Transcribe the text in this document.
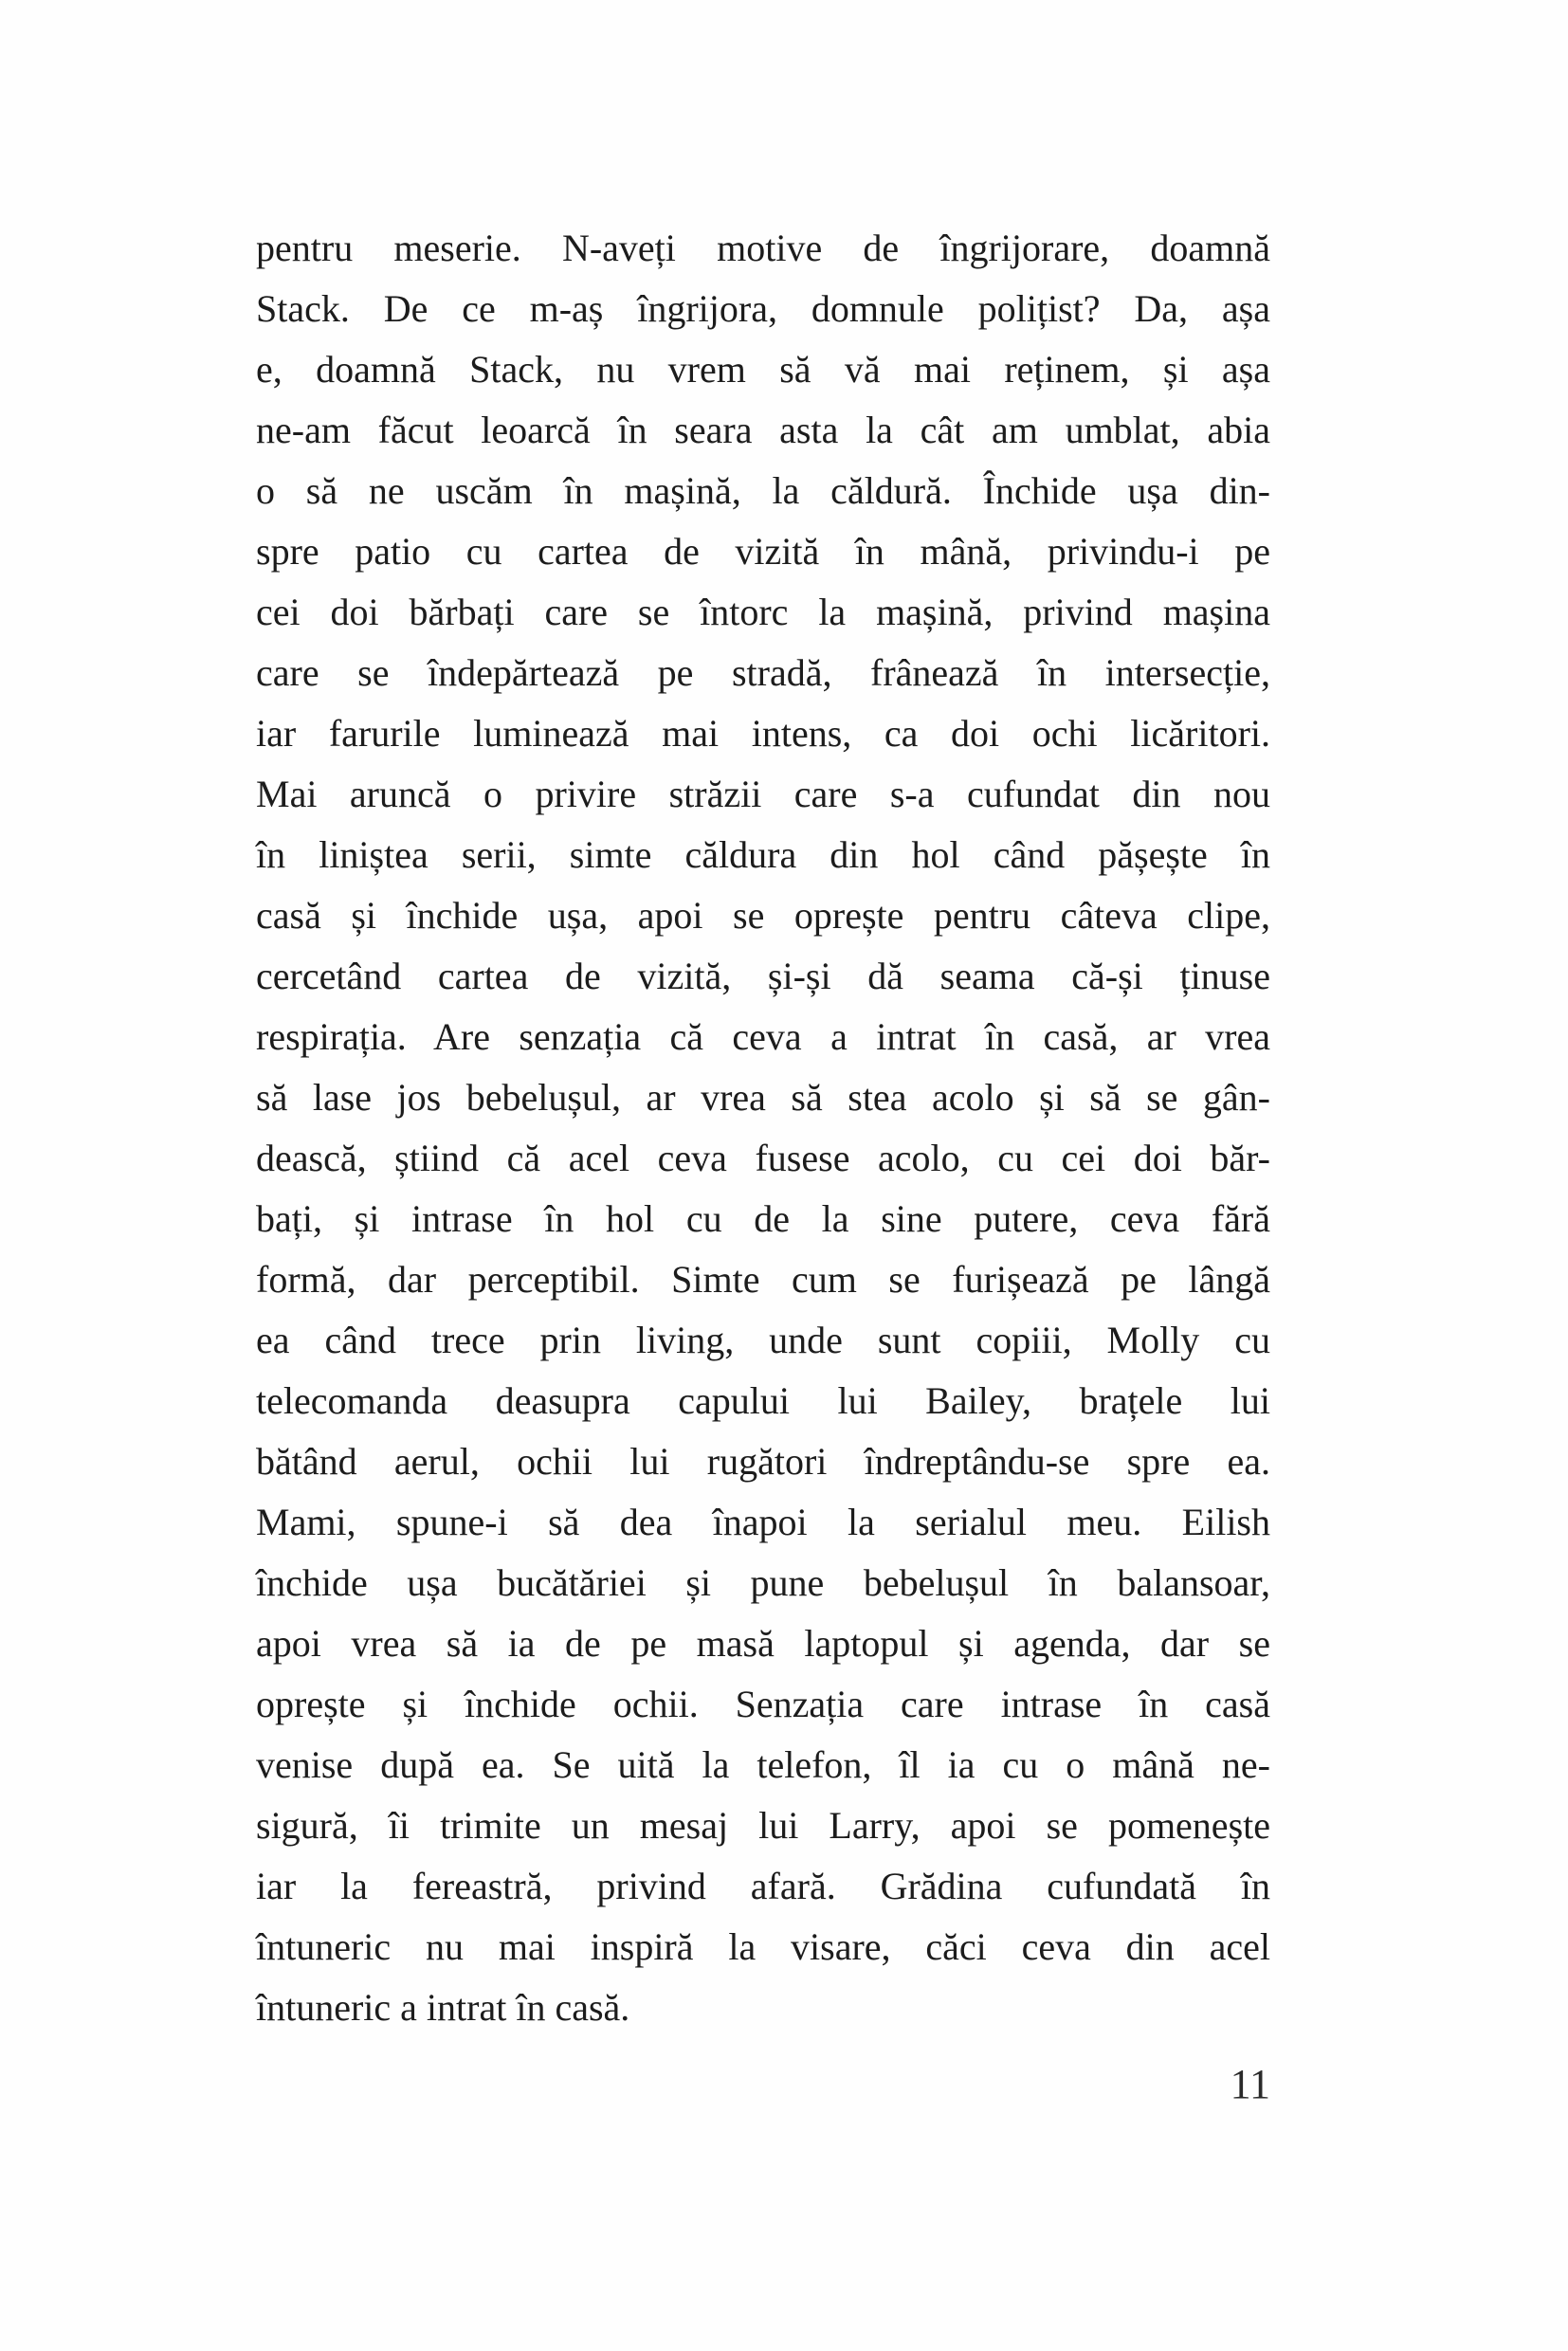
pentru meserie. N-aveți motive de îngrijorare, doamnă
Stack. De ce m-aș îngrijora, domnule polițist? Da, așa
e, doamnă Stack, nu vrem să vă mai reținem, și așa
ne-am făcut leoarcă în seara asta la cât am umblat, abia
o să ne uscăm în mașină, la căldură. Închide ușa din-
spre patio cu cartea de vizită în mână, privindu-i pe
cei doi bărbați care se întorc la mașină, privind mașina
care se îndepărtează pe stradă, frânează în intersecție,
iar farurile luminează mai intens, ca doi ochi licăritori.
Mai aruncă o privire străzii care s-a cufundat din nou
în liniștea serii, simte căldura din hol când pășește în
casă și închide ușa, apoi se oprește pentru câteva clipe,
cercetând cartea de vizită, și-și dă seama că-și ținuse
respirația. Are senzația că ceva a intrat în casă, ar vrea
să lase jos bebelușul, ar vrea să stea acolo și să se gân-
dească, știind că acel ceva fusese acolo, cu cei doi băr-
bați, și intrase în hol cu de la sine putere, ceva fără
formă, dar perceptibil. Simte cum se furișează pe lângă
ea când trece prin living, unde sunt copiii, Molly cu
telecomanda deasupra capului lui Bailey, brațele lui
bătând aerul, ochii lui rugători îndreptându-se spre ea.
Mami, spune-i să dea înapoi la serialul meu. Eilish
închide ușa bucătăriei și pune bebelușul în balansoar,
apoi vrea să ia de pe masă laptopul și agenda, dar se
oprește și închide ochii. Senzația care intrase în casă
venise după ea. Se uită la telefon, îl ia cu o mână ne-
sigură, îi trimite un mesaj lui Larry, apoi se pomenește
iar la fereastră, privind afară. Grădina cufundată în
întuneric nu mai inspiră la visare, căci ceva din acel
întuneric a intrat în casă.
11
